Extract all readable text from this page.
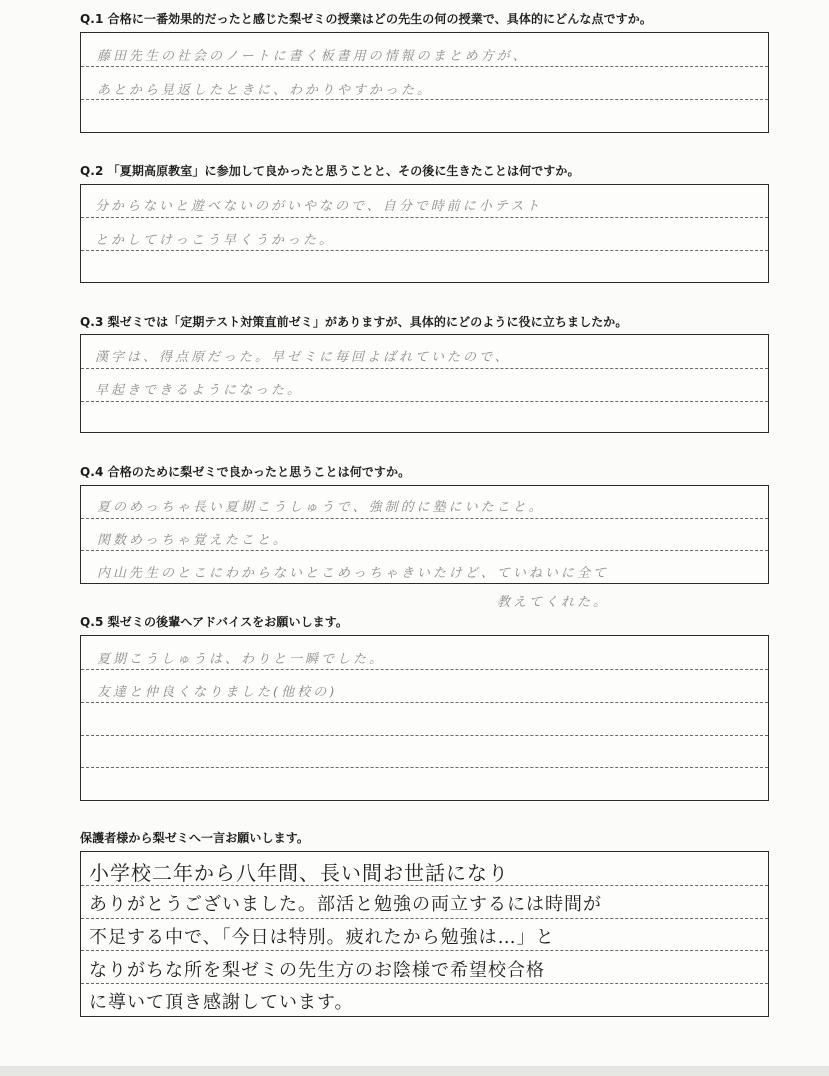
Q.1 合格に一番効果的だったと感じた梨ゼミの授業はどの先生の何の授業で、具体的にどんな点ですか。
藤田先生の社会のノートに書く板書用の情報のまとめ方が、
あとから見返したときに、わかりやすかった。
Q.2 「夏期高原教室」に参加して良かったと思うことと、その後に生きたことは何ですか。
分からないと遊べないのがいやなので、自分で時前に小テスト
とかしてけっこう早くうかった。
Q.3 梨ゼミでは「定期テスト対策直前ゼミ」がありますが、具体的にどのように役に立ちましたか。
漢字は、得点原だった。早ゼミに毎回よばれていたので、
早起きできるようになった。
Q.4 合格のために梨ゼミで良かったと思うことは何ですか。
夏のめっちゃ長い夏期こうしゅうで、強制的に塾にいたこと。
関数めっちゃ覚えたこと。
内山先生のとこにわからないとこめっちゃきいたけど、ていねいに全て
教えてくれた。
Q.5 梨ゼミの後輩へアドバイスをお願いします。
夏期こうしゅうは、わりと一瞬でした。
友達と仲良くなりました(他校の)
保護者様から梨ゼミへ一言お願いします。
小学校二年から八年間、長い間お世話になり
ありがとうございました。部活と勉強の両立するには時間が
不足する中で、「今日は特別。疲れたから勉強は…」と
なりがちな所を梨ゼミの先生方のお陰様で希望校合格
に導いて頂き感謝しています。
